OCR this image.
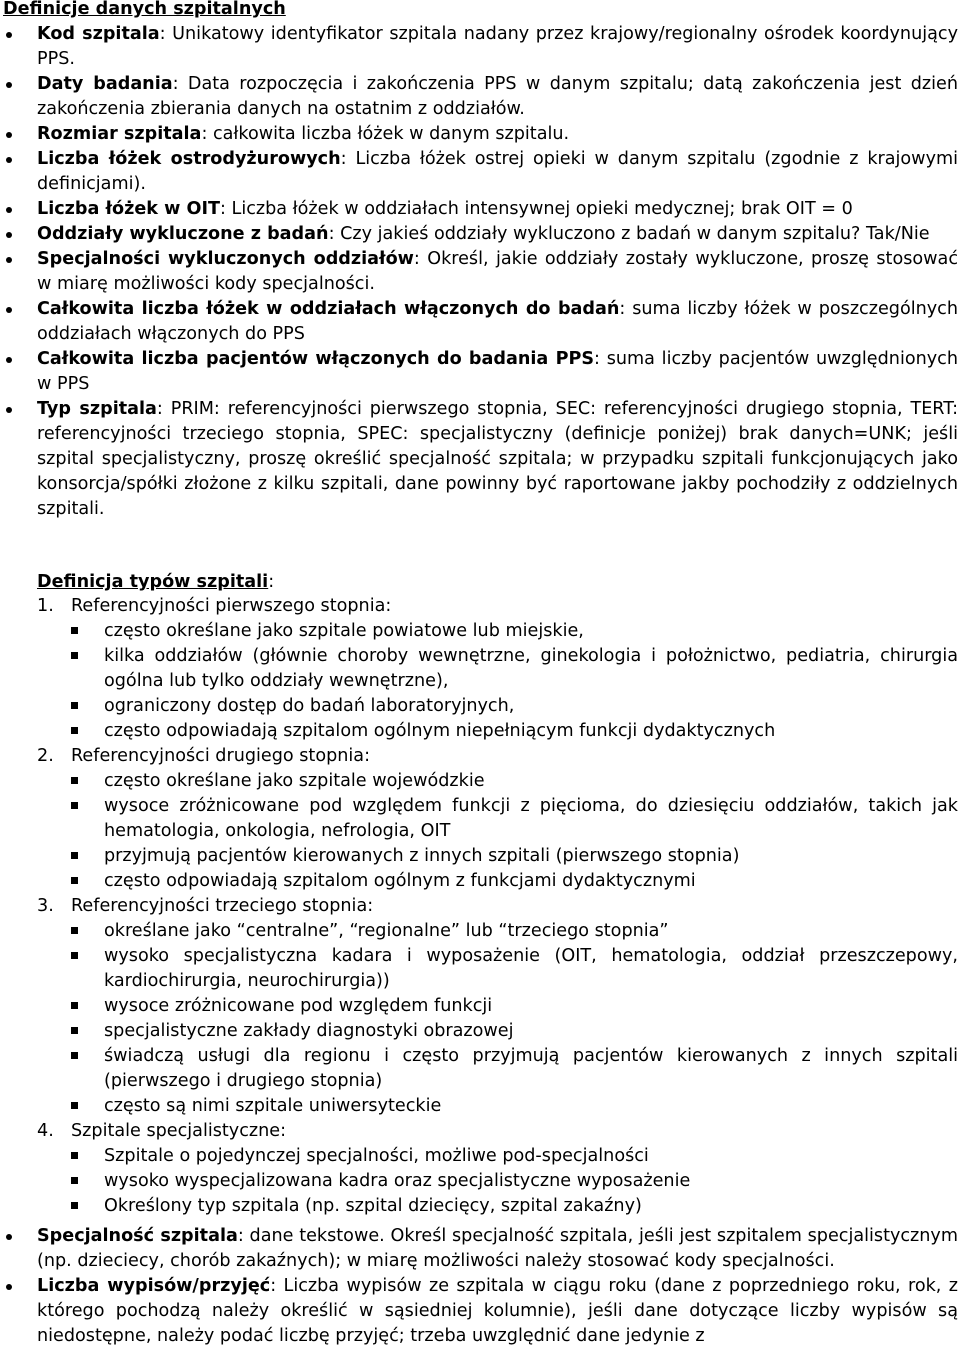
Definicje danych szpitalnych
Kod szpitala: Unikatowy identyfikator szpitala nadany przez krajowy/regionalny ośrodek koordynujący PPS.
Daty badania: Data rozpoczęcia i zakończenia PPS w danym szpitalu; datą zakończenia jest dzień zakończenia zbierania danych na ostatnim z oddziałów.
Rozmiar szpitala: całkowita liczba łóżek w danym szpitalu.
Liczba łóżek ostrodyżurowych: Liczba łóżek ostrej opieki w danym szpitalu (zgodnie z krajowymi definicjami).
Liczba łóżek w OIT: Liczba łóżek w oddziałach intensywnej opieki medycznej; brak OIT = 0
Oddziały wykluczone z badań: Czy jakieś oddziały wykluczono z badań w danym szpitalu? Tak/Nie
Specjalności wykluczonych oddziałów: Określ, jakie oddziały zostały wykluczone, proszę stosować w miarę możliwości kody specjalności.
Całkowita liczba łóżek w oddziałach włączonych do badań: suma liczby łóżek w poszczególnych oddziałach włączonych do PPS
Całkowita liczba pacjentów włączonych do badania PPS: suma liczby pacjentów uwzględnionych w PPS
Typ szpitala: PRIM: referencyjności pierwszego stopnia, SEC: referencyjności drugiego stopnia, TERT: referencyjności trzeciego stopnia, SPEC: specjalistyczny (definicje poniżej) brak danych=UNK; jeśli szpital specjalistyczny, proszę określić specjalność szpitala; w przypadku szpitali funkcjonujących jako konsorcja/spółki złożone z kilku szpitali, dane powinny być raportowane jakby pochodziły z oddzielnych szpitali.
Definicja typów szpitali:
1. Referencyjności pierwszego stopnia:
często określane jako szpitale powiatowe lub miejskie,
kilka oddziałów (głównie choroby wewnętrzne, ginekologia i położnictwo, pediatria, chirurgia ogólna lub tylko oddziały wewnętrzne),
ograniczony dostęp do badań laboratoryjnych,
często odpowiadają szpitalom ogólnym niepełniącym funkcji dydaktycznych
2. Referencyjności drugiego stopnia:
często określane jako szpitale wojewódzkie
wysoce zróżnicowane pod względem funkcji z pięcioma, do dziesięciu oddziałów, takich jak hematologia, onkologia, nefrologia, OIT
przyjmują pacjentów kierowanych z innych szpitali (pierwszego stopnia)
często odpowiadają szpitalom ogólnym z funkcjami dydaktycznymi
3. Referencyjności trzeciego stopnia:
określane jako “centralne”, “regionalne” lub “trzeciego stopnia”
wysoko specjalistyczna kadara i wyposażenie (OIT, hematologia, oddział przeszczepowy, kardiochirurgia, neurochirurgia))
wysoce zróżnicowane pod względem funkcji
specjalistyczne zakłady diagnostyki obrazowej
świadczą usługi dla regionu i często przyjmują pacjentów kierowanych z innych szpitali (pierwszego i drugiego stopnia)
często są nimi szpitale uniwersyteckie
4. Szpitale specjalistyczne:
Szpitale o pojedynczej specjalności, możliwe pod-specjalności
wysoko wyspecjalizowana kadra oraz specjalistyczne wyposażenie
Określony typ szpitala (np. szpital dziecięcy, szpital zakaźny)
Specjalność szpitala: dane tekstowe. Określ specjalność szpitala, jeśli jest szpitalem specjalistycznym (np. dzieciecy, chorób zakaźnych); w miarę możliwości należy stosować kody specjalności.
Liczba wypisów/przyjęć: Liczba wypisów ze szpitala w ciągu roku (dane z poprzedniego roku, rok, z którego pochodzą należy określić w sąsiedniej kolumnie), jeśli dane dotyczące liczby wypisów są niedostępne, należy podać liczbę przyjęć; trzeba uwzględnić dane jedynie z
